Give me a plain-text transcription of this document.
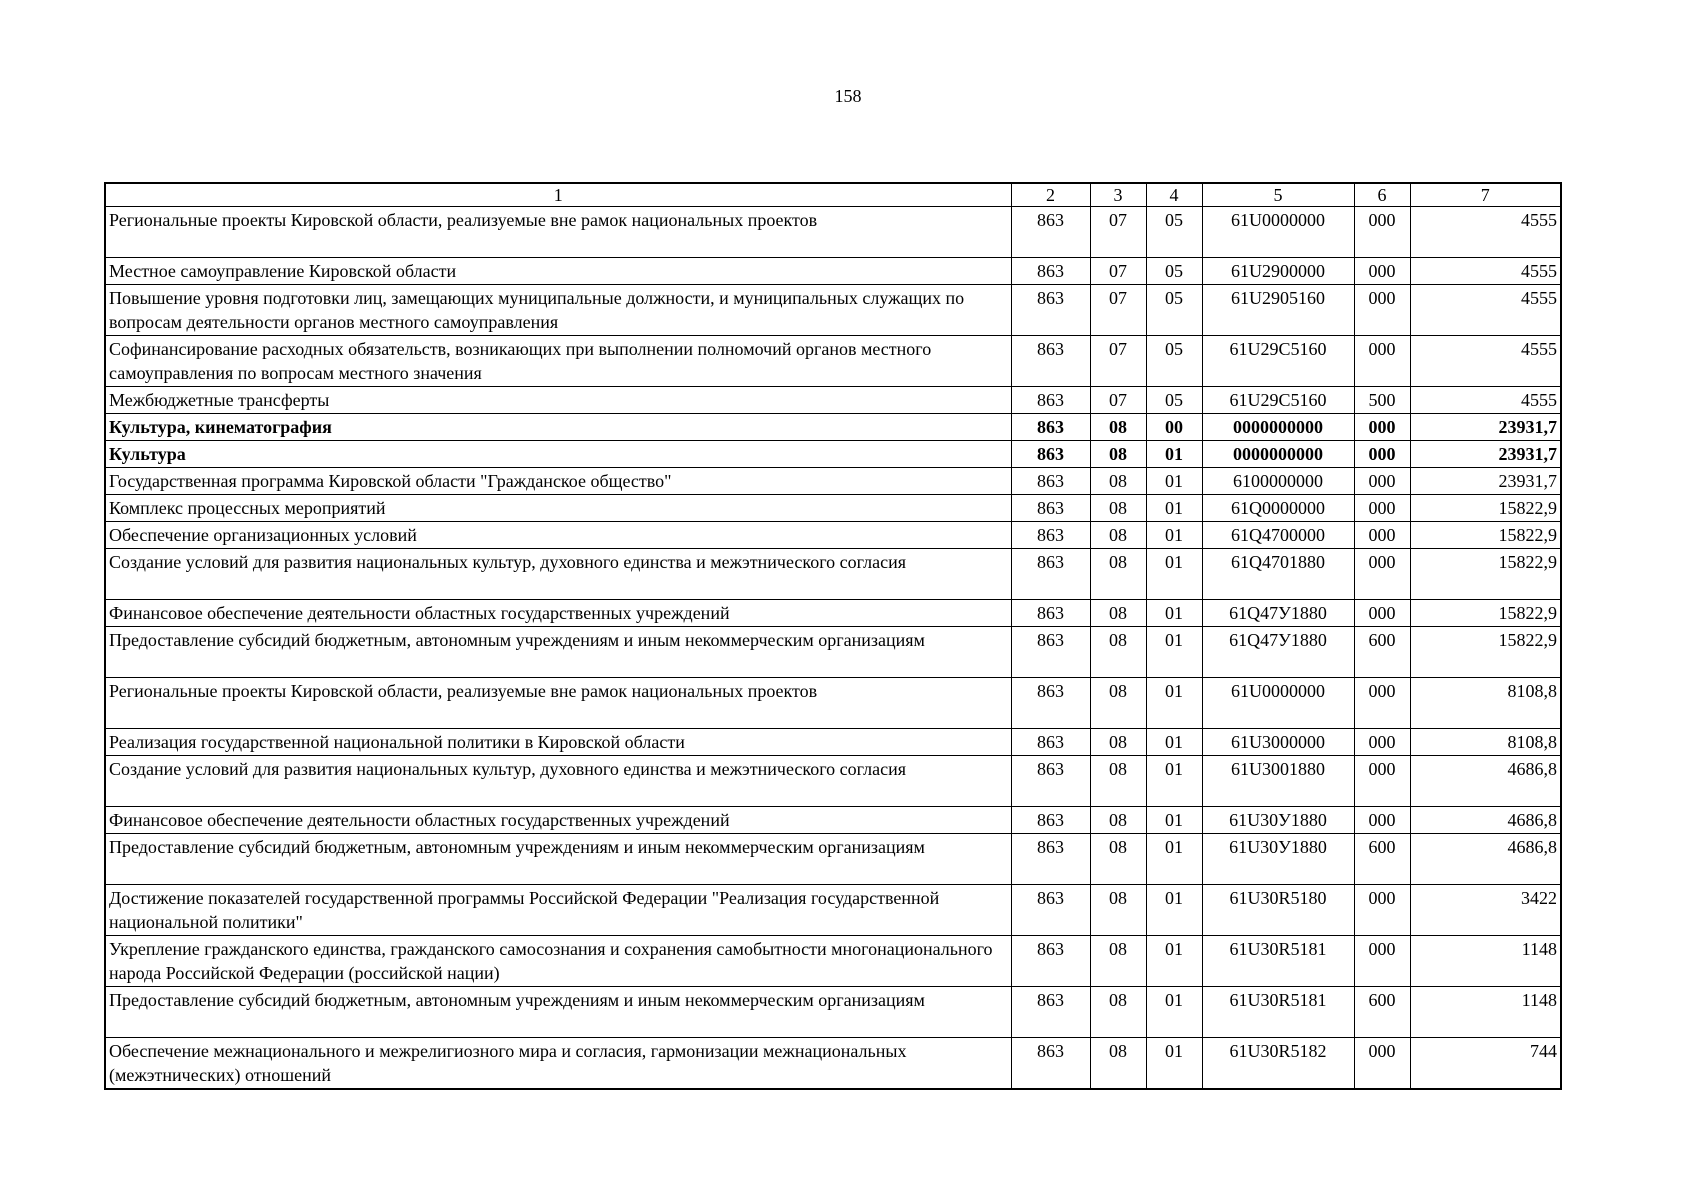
158
1	2	3	4	5	6	7
Региональные проекты Кировской области, реализуемые вне рамок национальных проектов	863	07	05	61U0000000	000	4555
Местное самоуправление Кировской области	863	07	05	61U2900000	000	4555
Повышение уровня подготовки лиц, замещающих муниципальные должности, и муниципальных служащих по вопросам деятельности органов местного самоуправления	863	07	05	61U2905160	000	4555
Софинансирование расходных обязательств, возникающих при выполнении полномочий органов местного самоуправления по вопросам местного значения	863	07	05	61U29C5160	000	4555
Межбюджетные трансферты	863	07	05	61U29C5160	500	4555
Культура, кинематография	863	08	00	0000000000	000	23931,7
Культура	863	08	01	0000000000	000	23931,7
Государственная программа Кировской области "Гражданское общество"	863	08	01	6100000000	000	23931,7
Комплекс процессных мероприятий	863	08	01	61Q0000000	000	15822,9
Обеспечение организационных условий	863	08	01	61Q4700000	000	15822,9
Создание условий для развития национальных культур, духовного единства и межэтнического согласия	863	08	01	61Q4701880	000	15822,9
Финансовое обеспечение деятельности областных государственных учреждений	863	08	01	61Q47У1880	000	15822,9
Предоставление субсидий бюджетным, автономным учреждениям и иным некоммерческим организациям	863	08	01	61Q47У1880	600	15822,9
Региональные проекты Кировской области, реализуемые вне рамок национальных проектов	863	08	01	61U0000000	000	8108,8
Реализация государственной национальной политики в Кировской области	863	08	01	61U3000000	000	8108,8
Создание условий для развития национальных культур, духовного единства и межэтнического согласия	863	08	01	61U3001880	000	4686,8
Финансовое обеспечение деятельности областных государственных учреждений	863	08	01	61U30У1880	000	4686,8
Предоставление субсидий бюджетным, автономным учреждениям и иным некоммерческим организациям	863	08	01	61U30У1880	600	4686,8
Достижение показателей государственной программы Российской Федерации "Реализация государственной национальной политики"	863	08	01	61U30R5180	000	3422
Укрепление гражданского единства, гражданского самосознания и сохранения самобытности многонационального народа Российской Федерации (российской нации)	863	08	01	61U30R5181	000	1148
Предоставление субсидий бюджетным, автономным учреждениям и иным некоммерческим организациям	863	08	01	61U30R5181	600	1148
Обеспечение межнационального и межрелигиозного мира и согласия, гармонизации межнациональных (межэтнических) отношений	863	08	01	61U30R5182	000	744
